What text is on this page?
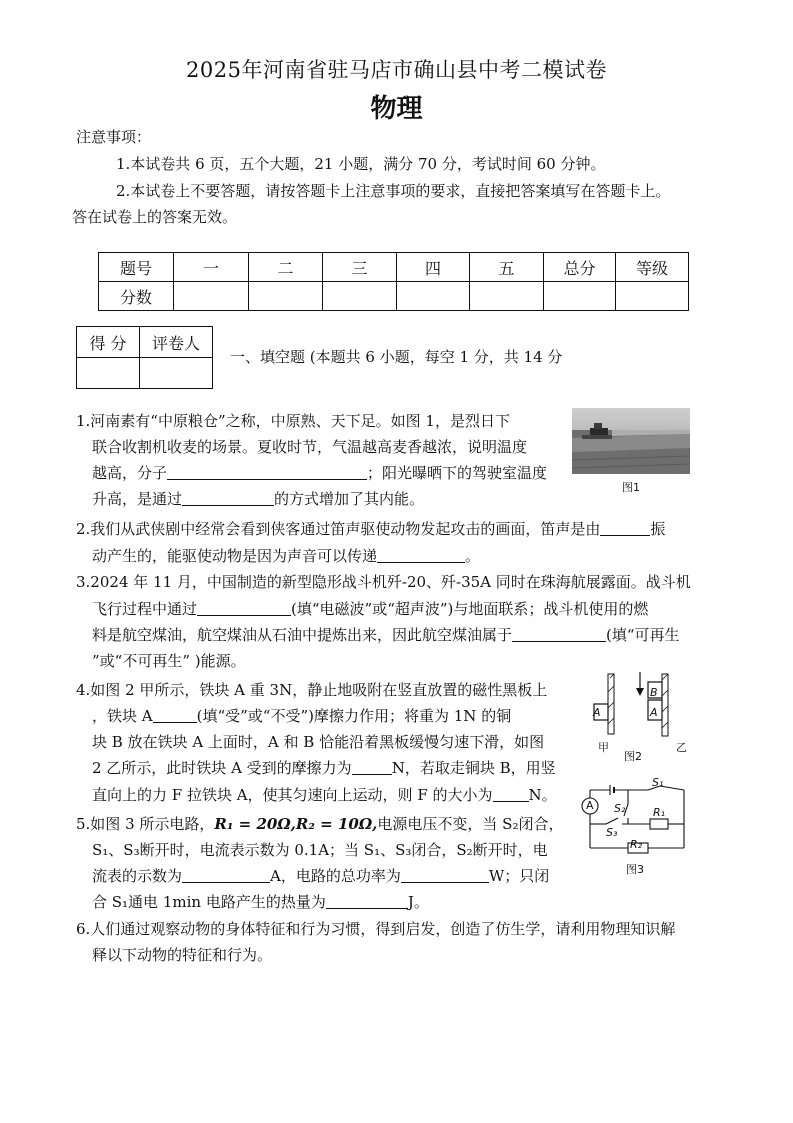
2025年河南省驻马店市确山县中考二模试卷
物理
注意事项：
1.本试卷共 6 页，五个大题，21 小题，满分 70 分，考试时间 60 分钟。
2.本试卷上不要答题，请按答题卡上注意事项的要求，直接把答案填写在答题卡上。
答在试卷上的答案无效。
题号	一	二	三	四	五	总分	等级
分数							
得 分	评卷人

一、填空题 (本题共 6 小题，每空 1 分，共 14 分
1.河南素有“中原粮仓”之称，中原熟、天下足。如图 1，是烈日下
联合收割机收麦的场景。夏收时节，气温越高麦香越浓，说明温度
越高，分子	；阳光曝晒下的驾驶室温度
升高，是通过	的方式增加了其内能。
图1
2.我们从武侠剧中经常会看到侠客通过笛声驱使动物发起攻击的画面，笛声是由	振
动产生的，能驱使动物是因为声音可以传递	。
3.2024 年 11 月，中国制造的新型隐形战斗机歼-20、歼-35A 同时在珠海航展露面。战斗机
飞行过程中通过	(填“电磁波”或“超声波”)与地面联系；战斗机使用的燃
料是航空煤油，航空煤油从石油中提炼出来，因此航空煤油属于	(填“可再生
”或“不可再生” )能源。
4.如图 2 甲所示，铁块 A 重 3N，静止地吸附在竖直放置的磁性黑板上
，铁块 A	(填“受”或“不受”)摩擦力作用；将重为 1N 的铜
块 B 放在铁块 A 上面时，A 和 B 恰能沿着黑板缓慢匀速下滑，如图
2 乙所示，此时铁块 A 受到的摩擦力为	N，若取走铜块 B，用竖
直向上的力 F 拉铁块 A，使其匀速向上运动，则 F 的大小为 N。
A
B
A
甲
图2
乙
5.如图 3 所示电路，R₁ = 20Ω,R₂ = 10Ω,电源电压不变，当 S₂闭合，
S₁、S₃断开时，电流表示数为 0.1A；当 S₁、S₃闭合，S₂断开时，电
流表的示数为	A，电路的总功率为	W；只闭
合 S₁通电 1min 电路产生的热量为	J。
A
S₁
S₂
S₃
R₁
R₂
图3
6.人们通过观察动物的身体特征和行为习惯，得到启发，创造了仿生学，请利用物理知识解
释以下动物的特征和行为。
